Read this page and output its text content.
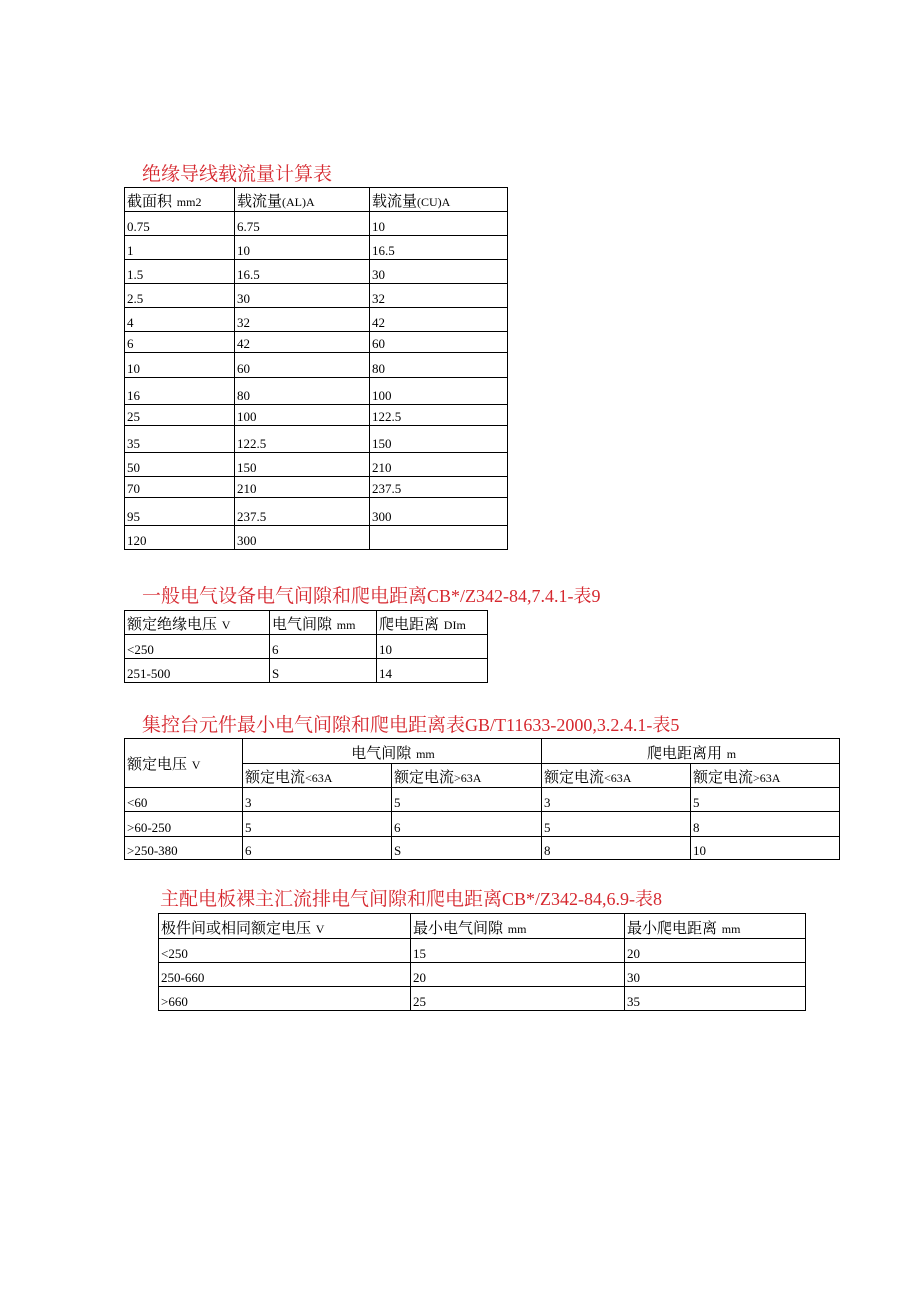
绝缘导线载流量计算表
截面积 mm2	载流量(AL)A	载流量(CU)A
0.75	6.75	10
1	10	16.5
1.5	16.5	30
2.5	30	32
4	32	42
6	42	60
10	60	80
16	80	100
25	100	122.5
35	122.5	150
50	150	210
70	210	237.5
95	237.5	300
120	300	
一般电气设备电气间隙和爬电距离CB*/Z342-84,7.4.1-表9
额定绝缘电压 V	电气间隙 mm	爬电距离 DIm
<250	6	10
251-500	S	14
集控台元件最小电气间隙和爬电距离表GB/T11633-2000,3.2.4.1-表5
额定电压 V	电气间隙 mm		爬电距离用 m	
	额定电流<63A	额定电流>63A	额定电流<63A	额定电流>63A
<60	3	5	3	5
>60-250	5	6	5	8
>250-380	6	S	8	10
主配电板裸主汇流排电气间隙和爬电距离CB*/Z342-84,6.9-表8
极件间或相同额定电压 V	最小电气间隙 mm	最小爬电距离 mm
<250	15	20
250-660	20	30
>660	25	35
